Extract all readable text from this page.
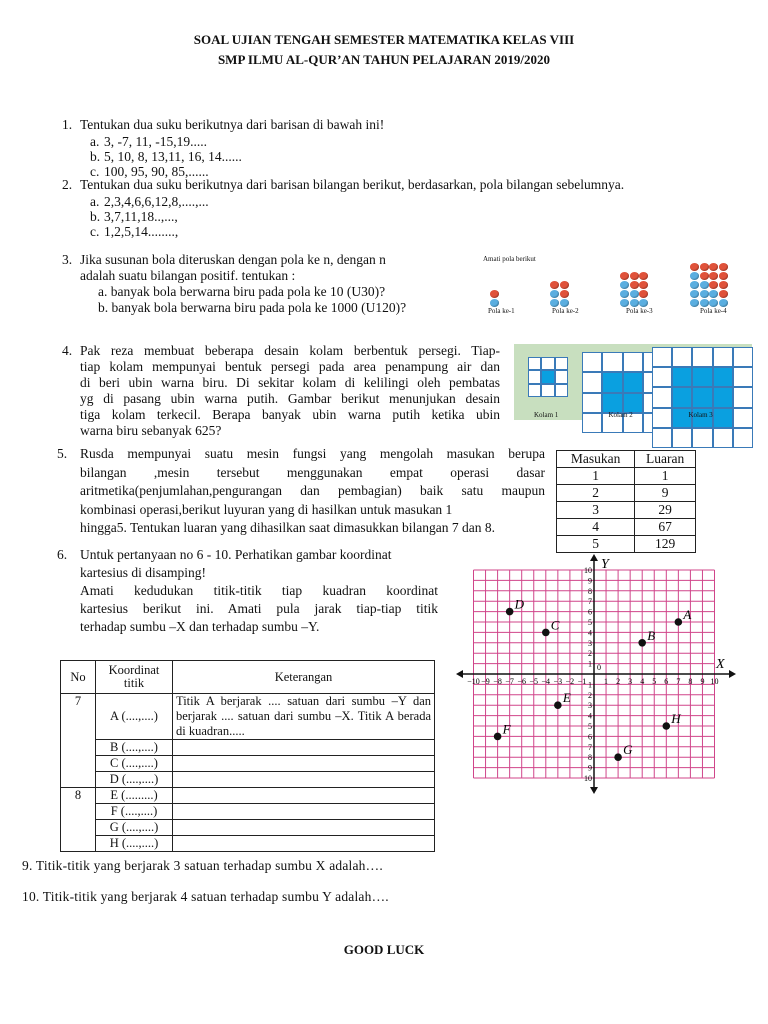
SOAL UJIAN TENGAH SEMESTER MATEMATIKA KELAS VIII
SMP ILMU AL-QUR’AN TAHUN PELAJARAN 2019/2020
1. Tentukan dua suku berikutnya dari barisan di bawah ini!
2. Tentukan dua suku berikutnya dari barisan bilangan berikut, berdasarkan, pola bilangan sebelumnya.
3. Jika susunan bola diteruskan dengan pola ke n, dengan n
adalah suatu bilangan positif. tentukan :
a. banyak bola berwarna biru pada pola ke 10 (U30)?
b. banyak bola berwarna biru pada pola ke 1000 (U120)?
Amati pola berikut
Pola ke-1	Pola ke-2	Pola ke-3	Pola ke-4
4.
Kolam 1	Kolam 2	Kolam 3
5.	Masukan	Luaran
1	1
2	9
3	29
4	67
5	129
6.
−10
10
−9
9
−8
8
−7
7
−6
6
−5
5
−4
4
−3
3
−2
2
−1 1 1
1
2
2
3
3
4
4
5
5
6
6
7
7
8
8
9
9
10
10
0
Y
X
A
B
C
D
E
F
G
H
No	Koordinat titik	Keterangan
7	A (....,....)	Titik A berjarak .... satuan dari sumbu –Y dan berjarak .... satuan dari sumbu –X. Titik A berada di kuadran.....
	B (....,....)	
	C (....,....)	
	D (....,....)	
8	E (.........)	
	F (....,....)	
	G (....,....)	
	H (....,....)	
9. Titik-titik yang berjarak 3 satuan terhadap sumbu X adalah….
10. Titik-titik yang berjarak 4 satuan terhadap sumbu Y adalah….
GOOD LUCK
a. 3, -7, 11, -15,19.....
b. 5, 10, 8, 13,11, 16, 14......
c. 100, 95, 90, 85,......
a. 2,3,4,6,6,12,8,....,...
b. 3,7,11,18..,...,
c. 1,2,5,14........,
Pak reza membuat beberapa desain kolam berbentuk persegi. Tiap-
tiap kolam mempunyai bentuk persegi pada area penampung air dan
di beri ubin warna biru. Di sekitar kolam di kelilingi oleh pembatas
yg di pasang ubin warna putih. Gambar berikut menunjukan desain
tiga kolam terkecil. Berapa banyak ubin warna putih ketika ubin
warna biru sebanyak 625?
Rusda mempunyai suatu mesin fungsi yang mengolah masukan berupa
bilangan ,mesin tersebut menggunakan empat operasi dasar
aritmetika(penjumlahan,pengurangan dan pembagian) baik satu maupun
kombinasi operasi,berikut luyuran yang di hasilkan untuk masukan 1
hingga5. Tentukan luaran yang dihasilkan saat dimasukkan bilangan 7 dan 8.
Untuk pertanyaan no 6 - 10. Perhatikan gambar koordinat
kartesius di disamping!
Amati kedudukan titik-titik tiap kuadran koordinat
kartesius berikut ini. Amati pula jarak tiap-tiap titik
terhadap sumbu –X dan terhadap sumbu –Y.
